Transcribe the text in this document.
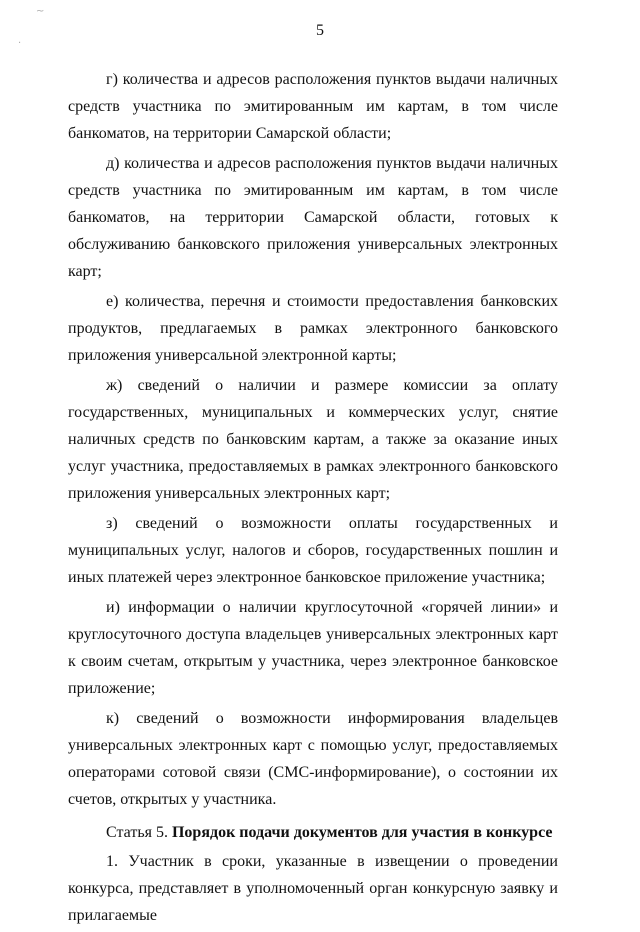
~
·
5

г) количества и адресов расположения пунктов выдачи наличных средств участника по эмитированным им картам, в том числе банкоматов, на территории Самарской области;

д) количества и адресов расположения пунктов выдачи наличных средств участника по эмитированным им картам, в том числе банкоматов, на территории Самарской области, готовых к обслуживанию банковского приложения универсальных электронных карт;

е) количества, перечня и стоимости предоставления банковских продуктов, предлагаемых в рамках электронного банковского приложения универсальной электронной карты;

ж) сведений о наличии и размере комиссии за оплату государственных, муниципальных и коммерческих услуг, снятие наличных средств по банковским картам, а также за оказание иных услуг участника, предоставляемых в рамках электронного банковского приложения универсальных электронных карт;

з) сведений о возможности оплаты государственных и муниципальных услуг, налогов и сборов, государственных пошлин и иных платежей через электронное банковское приложение участника;

и) информации о наличии круглосуточной «горячей линии» и круглосуточного доступа владельцев универсальных электронных карт к своим счетам, открытым у участника, через электронное банковское приложение;

к) сведений о возможности информирования владельцев универсальных электронных карт с помощью услуг, предоставляемых операторами сотовой связи (СМС-информирование), о состоянии их счетов, открытых у участника.

Статья 5. Порядок подачи документов для участия в конкурсе

1. Участник в сроки, указанные в извещении о проведении конкурса, представляет в уполномоченный орган конкурсную заявку и прилагаемые
